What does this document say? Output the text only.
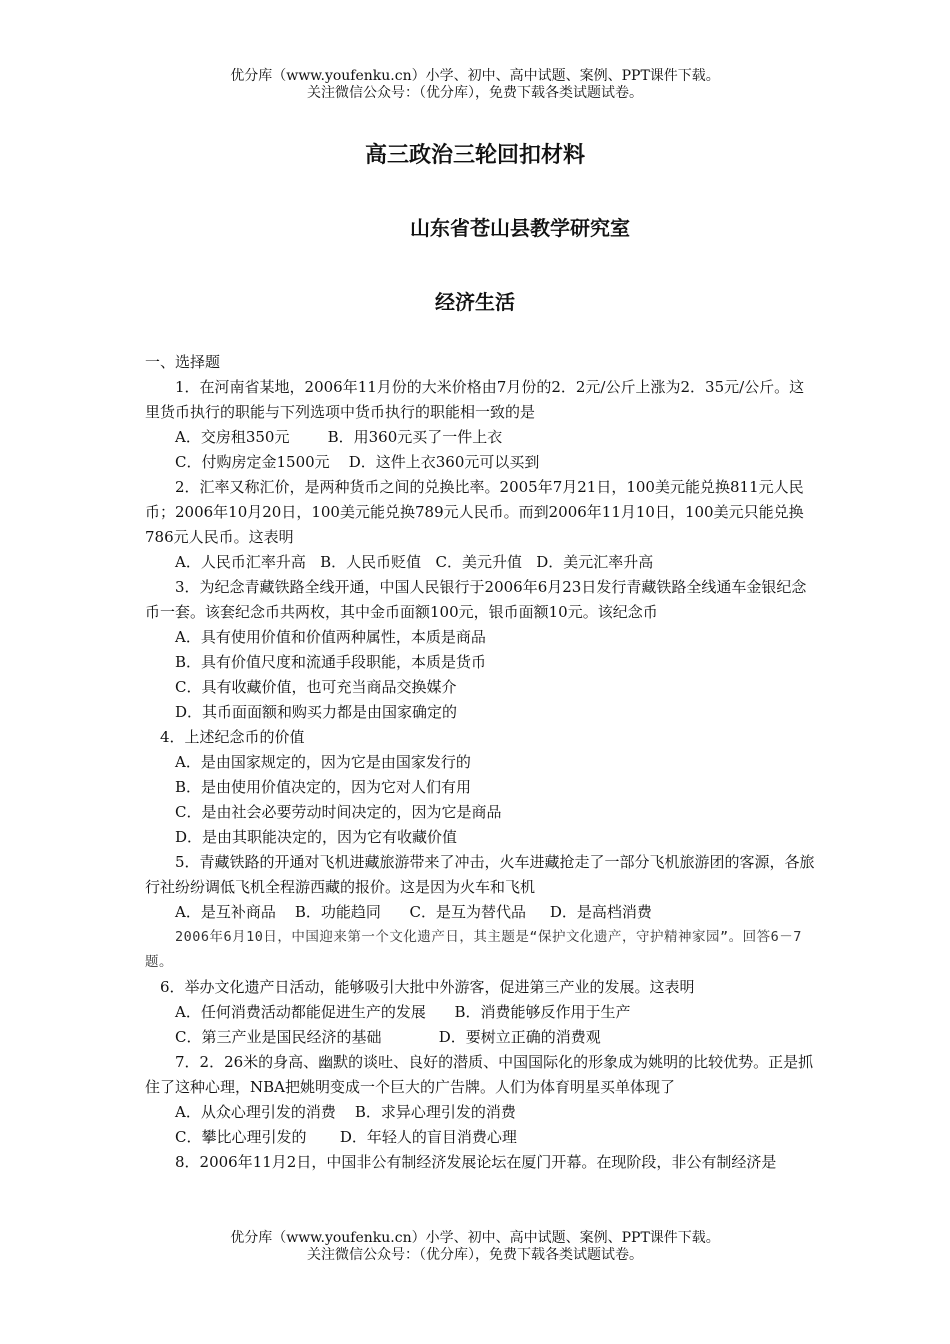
优分库（www.youfenku.cn）小学、初中、高中试题、案例、PPT课件下载。
关注微信公众号：（优分库），免费下载各类试题试卷。
高三政治三轮回扣材料
山东省苍山县教学研究室
经济生活

一、选择题

1．在河南省某地，2006年11月份的大米价格由7月份的2．2元/公斤上涨为2．35元/公斤。这里货币执行的职能与下列选项中货币执行的职能相一致的是

A．交房租350元        B．用360元买了一件上衣

C．付购房定金1500元    D．这件上衣360元可以买到

2．汇率又称汇价，是两种货币之间的兑换比率。2005年7月21日，100美元能兑换811元人民币；2006年10月20日，100美元能兑换789元人民币。而到2006年11月10日，100美元只能兑换786元人民币。这表明

A．人民币汇率升高   B．人民币贬值   C．美元升值   D．美元汇率升高

3．为纪念青藏铁路全线开通，中国人民银行于2006年6月23日发行青藏铁路全线通车金银纪念币一套。该套纪念币共两枚，其中金币面额100元，银币面额10元。该纪念币

A．具有使用价值和价值两种属性，本质是商品

B．具有价值尺度和流通手段职能，本质是货币

C．具有收藏价值，也可充当商品交换媒介

D．其币面面额和购买力都是由国家确定的

4．上述纪念币的价值

A．是由国家规定的，因为它是由国家发行的

B．是由使用价值决定的，因为它对人们有用

C．是由社会必要劳动时间决定的，因为它是商品

D．是由其职能决定的，因为它有收藏价值

5．青藏铁路的开通对飞机进藏旅游带来了冲击，火车进藏抢走了一部分飞机旅游团的客源，各旅行社纷纷调低飞机全程游西藏的报价。这是因为火车和飞机

A．是互补商品    B．功能趋同      C．是互为替代品     D．是高档消费

2006年6月10日，中国迎来第一个文化遗产日，其主题是“保护文化遗产，守护精神家园”。回答6－7题。

6．举办文化遗产日活动，能够吸引大批中外游客，促进第三产业的发展。这表明

A．任何消费活动都能促进生产的发展      B．消费能够反作用于生产

C．第三产业是国民经济的基础            D．要树立正确的消费观

7．2．26米的身高、幽默的谈吐、良好的潜质、中国国际化的形象成为姚明的比较优势。正是抓住了这种心理，NBA把姚明变成一个巨大的广告牌。人们为体育明星买单体现了

A．从众心理引发的消费    B．求异心理引发的消费

C．攀比心理引发的       D．年轻人的盲目消费心理

8．2006年11月2日，中国非公有制经济发展论坛在厦门开幕。在现阶段，非公有制经济是

优分库（www.youfenku.cn）小学、初中、高中试题、案例、PPT课件下载。
关注微信公众号：（优分库），免费下载各类试题试卷。
